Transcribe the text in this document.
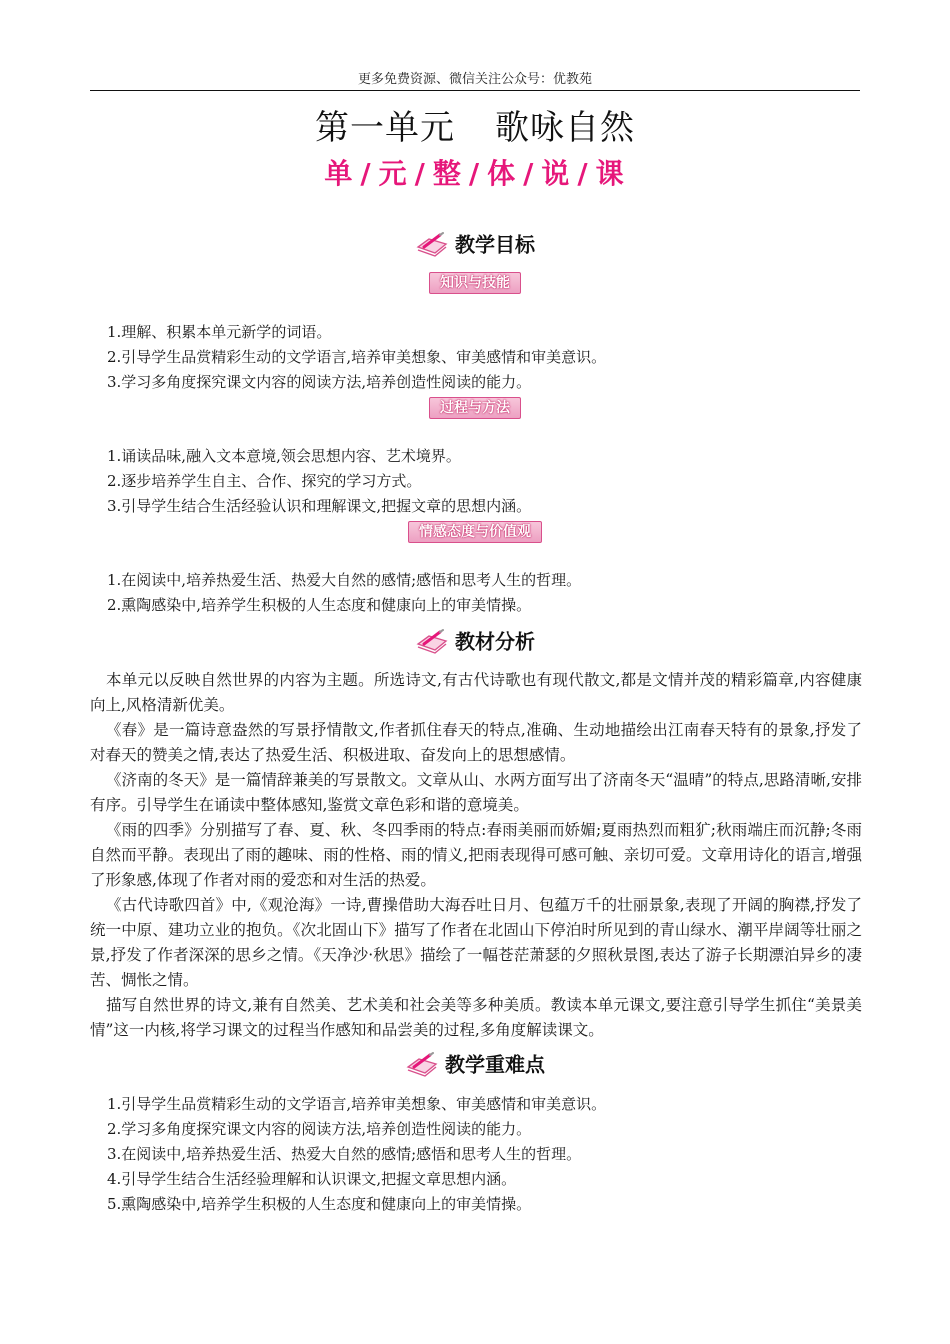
更多免费资源、微信关注公众号：优教苑
第一单元 歌咏自然
单 / 元 / 整 / 体 / 说 / 课
教学目标
知识与技能
1.理解、积累本单元新学的词语。
2.引导学生品赏精彩生动的文学语言,培养审美想象、审美感情和审美意识。
3.学习多角度探究课文内容的阅读方法,培养创造性阅读的能力。
过程与方法
1.诵读品味,融入文本意境,领会思想内容、艺术境界。
2.逐步培养学生自主、合作、探究的学习方式。
3.引导学生结合生活经验认识和理解课文,把握文章的思想内涵。
情感态度与价值观
1.在阅读中,培养热爱生活、热爱大自然的感情;感悟和思考人生的哲理。
2.熏陶感染中,培养学生积极的人生态度和健康向上的审美情操。
教材分析

本单元以反映自然世界的内容为主题。所选诗文,有古代诗歌也有现代散文,都是文情并茂的精彩篇章,内容健康向上,风格清新优美。

《春》是一篇诗意盎然的写景抒情散文,作者抓住春天的特点,准确、生动地描绘出江南春天特有的景象,抒发了对春天的赞美之情,表达了热爱生活、积极进取、奋发向上的思想感情。

《济南的冬天》是一篇情辞兼美的写景散文。文章从山、水两方面写出了济南冬天“温晴”的特点,思路清晰,安排有序。引导学生在诵读中整体感知,鉴赏文章色彩和谐的意境美。

《雨的四季》分别描写了春、夏、秋、冬四季雨的特点:春雨美丽而娇媚;夏雨热烈而粗犷;秋雨端庄而沉静;冬雨自然而平静。表现出了雨的趣味、雨的性格、雨的情义,把雨表现得可感可触、亲切可爱。文章用诗化的语言,增强了形象感,体现了作者对雨的爱恋和对生活的热爱。

《古代诗歌四首》中,《观沧海》一诗,曹操借助大海吞吐日月、包蕴万千的壮丽景象,表现了开阔的胸襟,抒发了统一中原、建功立业的抱负。《次北固山下》描写了作者在北固山下停泊时所见到的青山绿水、潮平岸阔等壮丽之景,抒发了作者深深的思乡之情。《天净沙·秋思》描绘了一幅苍茫萧瑟的夕照秋景图,表达了游子长期漂泊异乡的凄苦、惆怅之情。

描写自然世界的诗文,兼有自然美、艺术美和社会美等多种美质。教读本单元课文,要注意引导学生抓住“美景美情”这一内核,将学习课文的过程当作感知和品尝美的过程,多角度解读课文。

教学重难点
1.引导学生品赏精彩生动的文学语言,培养审美想象、审美感情和审美意识。
2.学习多角度探究课文内容的阅读方法,培养创造性阅读的能力。
3.在阅读中,培养热爱生活、热爱大自然的感情;感悟和思考人生的哲理。
4.引导学生结合生活经验理解和认识课文,把握文章思想内涵。
5.熏陶感染中,培养学生积极的人生态度和健康向上的审美情操。
